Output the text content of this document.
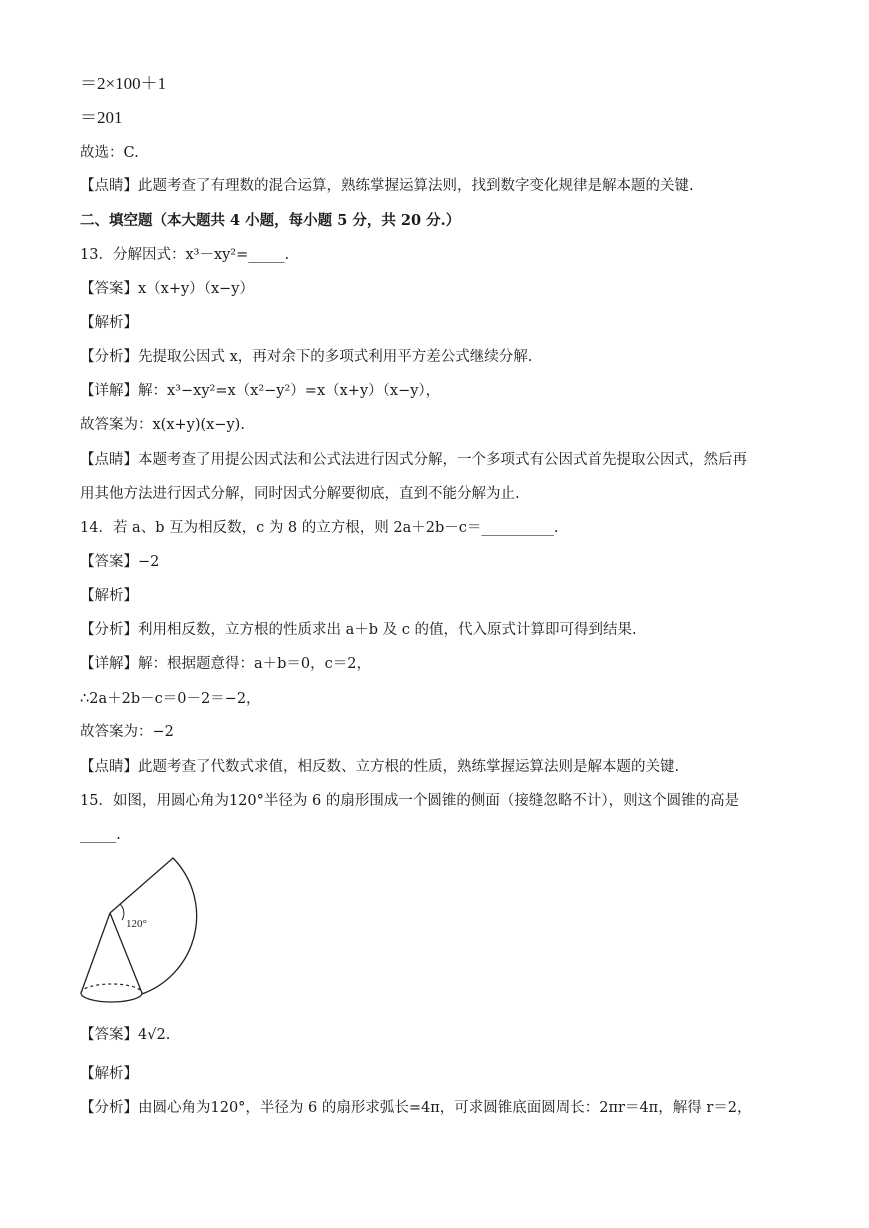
＝2×100＋1
＝201
故选：C.
【点睛】此题考查了有理数的混合运算，熟练掌握运算法则，找到数字变化规律是解本题的关键.
二、填空题（本大题共 4 小题，每小题 5 分，共 20 分.）
13．分解因式：x³－xy²=_____.
【答案】x（x+y）（x−y）
【解析】
【分析】先提取公因式 x，再对余下的多项式利用平方差公式继续分解.
【详解】解：x³−xy²=x（x²−y²）=x（x+y）（x−y），
故答案为：x(x+y)(x−y).
【点睛】本题考查了用提公因式法和公式法进行因式分解，一个多项式有公因式首先提取公因式，然后再
用其他方法进行因式分解，同时因式分解要彻底，直到不能分解为止.
14．若 a、b 互为相反数，c 为 8 的立方根，则 2a＋2b－c＝__________.
【答案】−2
【解析】
【分析】利用相反数，立方根的性质求出 a＋b 及 c 的值，代入原式计算即可得到结果.
【详解】解：根据题意得：a＋b＝0，c＝2，
∴2a＋2b－c＝0－2＝−2，
故答案为：−2
【点睛】此题考查了代数式求值，相反数、立方根的性质，熟练掌握运算法则是解本题的关键.
15．如图，用圆心角为120°半径为 6 的扇形围成一个圆锥的侧面（接缝忽略不计），则这个圆锥的高是
_____.
120°
【答案】4√2.
【解析】
【分析】由圆心角为120°，半径为 6 的扇形求弧长=4π，可求圆锥底面圆周长：2πr＝4π，解得 r＝2，
